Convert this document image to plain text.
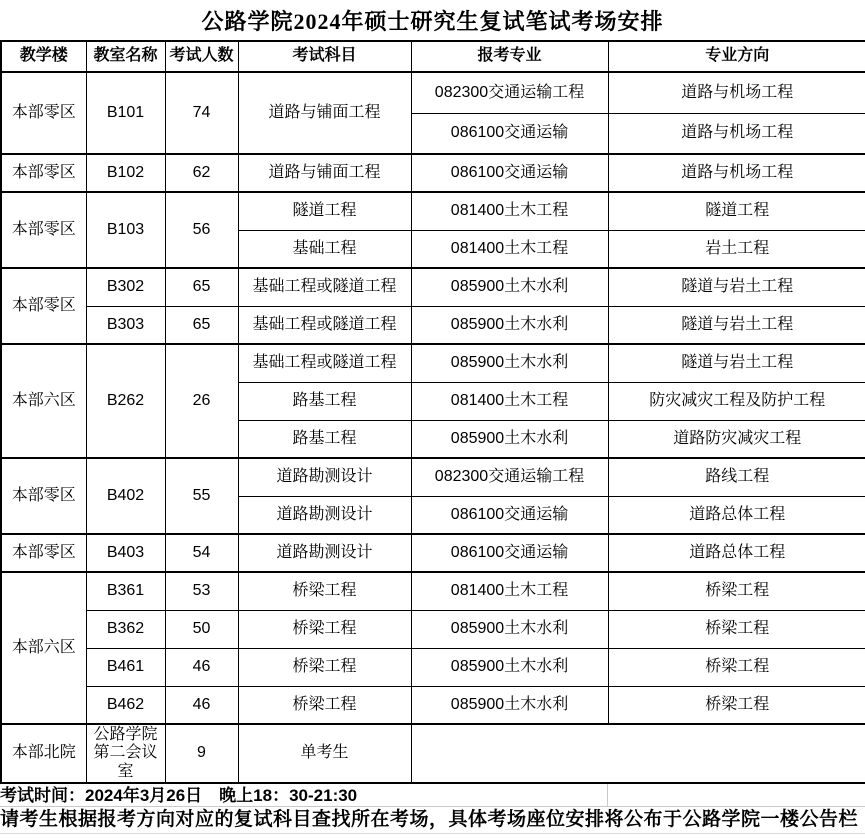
公路学院2024年硕士研究生复试笔试考场安排
教学楼	教室名称	考试人数	考试科目	报考专业	专业方向
本部零区	B101	74	道路与铺面工程	082300交通运输工程	道路与机场工程
				086100交通运输	道路与机场工程
本部零区	B102	62	道路与铺面工程	086100交通运输	道路与机场工程
本部零区	B103	56	隧道工程	081400土木工程	隧道工程
			基础工程	081400土木工程	岩土工程
本部零区	B302	65	基础工程或隧道工程	085900土木水利	隧道与岩土工程
	B303	65	基础工程或隧道工程	085900土木水利	隧道与岩土工程
本部六区	B262	26	基础工程或隧道工程	085900土木水利	隧道与岩土工程
			路基工程	081400土木工程	防灾减灾工程及防护工程
			路基工程	085900土木水利	道路防灾减灾工程
本部零区	B402	55	道路勘测设计	082300交通运输工程	路线工程
			道路勘测设计	086100交通运输	道路总体工程
本部零区	B403	54	道路勘测设计	086100交通运输	道路总体工程
本部六区	B361	53	桥梁工程	081400土木工程	桥梁工程
	B362	50	桥梁工程	085900土木水利	桥梁工程
	B461	46	桥梁工程	085900土木水利	桥梁工程
	B462	46	桥梁工程	085900土木水利	桥梁工程
本部北院	公路学院第二会议室	9	单考生		
考试时间：2024年3月26日　晚上18：30-21:30
请考生根据报考方向对应的复试科目查找所在考场，具体考场座位安排将公布于公路学院一楼公告栏
